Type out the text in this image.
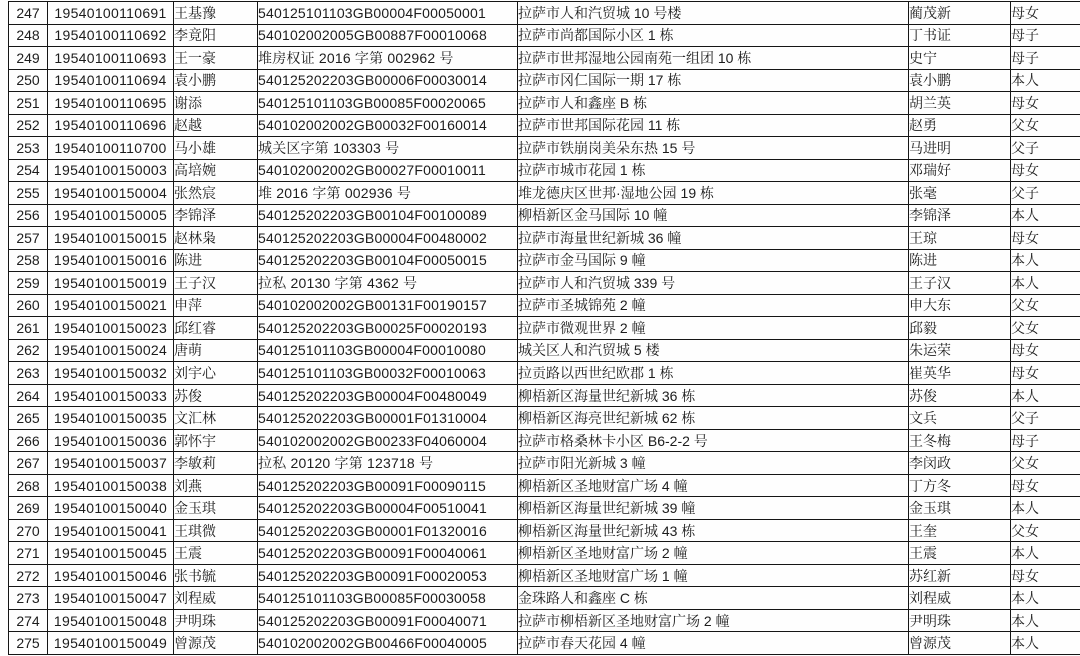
247	19540100110691	王基豫	540125101103GB00004F00050001	拉萨市人和汽贸城 10 号楼	蔺茂新	母女
248	19540100110692	李竟阳	540102002005GB00887F00010068	拉萨市尚都国际小区 1 栋	丁书证	母子
249	19540100110693	王一豪	堆房权证 2016 字第 002962 号	拉萨市世邦湿地公园南苑一组团 10 栋	史宁	母子
250	19540100110694	袁小鹏	540125202203GB00006F00030014	拉萨市冈仁国际一期 17 栋	袁小鹏	本人
251	19540100110695	谢添	540125101103GB00085F00020065	拉萨市人和鑫座 B 栋	胡兰英	母女
252	19540100110696	赵越	540102002002GB00032F00160014	拉萨市世邦国际花园 11 栋	赵勇	父女
253	19540100110700	马小雄	城关区字第 103303 号	拉萨市铁崩岗美朵东热 15 号	马进明	父子
254	19540100150003	高培婉	540102002002GB00027F00010011	拉萨市城市花园 1 栋	邓瑞好	母女
255	19540100150004	张然宸	堆 2016 字第 002936 号	堆龙德庆区世邦·湿地公园 19 栋	张毫	父子
256	19540100150005	李锦泽	540125202203GB00104F00100089	柳梧新区金马国际 10 幢	李锦泽	本人
257	19540100150015	赵林枭	540125202203GB00004F00480002	拉萨市海量世纪新城 36 幢	王琼	母女
258	19540100150016	陈进	540125202203GB00104F00050015	拉萨市金马国际 9 幢	陈进	本人
259	19540100150019	王子汉	拉私 20130 字第 4362 号	拉萨市人和汽贸城 339 号	王子汉	本人
260	19540100150021	申萍	540102002002GB00131F00190157	拉萨市圣城锦苑 2 幢	申大东	父女
261	19540100150023	邱红睿	540125202203GB00025F00020193	拉萨市微观世界 2 幢	邱毅	父女
262	19540100150024	唐萌	540125101103GB00004F00010080	城关区人和汽贸城 5 楼	朱运荣	母女
263	19540100150032	刘宇心	540125101103GB00032F00010063	拉贡路以西世纪欧郡 1 栋	崔英华	母女
264	19540100150033	苏俊	540125202203GB00004F00480049	柳梧新区海量世纪新城 36 栋	苏俊	本人
265	19540100150035	文汇林	540125202203GB00001F01310004	柳梧新区海亮世纪新城 62 栋	文兵	父子
266	19540100150036	郭怀宇	540102002002GB00233F04060004	拉萨市格桑林卡小区 B6-2-2 号	王冬梅	母子
267	19540100150037	李敏莉	拉私 20120 字第 123718 号	拉萨市阳光新城 3 幢	李闵政	父女
268	19540100150038	刘燕	540125202203GB00091F00090115	柳梧新区圣地财富广场 4 幢	丁方冬	母女
269	19540100150040	金玉琪	540125202203GB00004F00510041	柳梧新区海量世纪新城 39 幢	金玉琪	本人
270	19540100150041	王琪微	540125202203GB00001F01320016	柳梧新区海量世纪新城 43 栋	王奎	父女
271	19540100150045	王震	540125202203GB00091F00040061	柳梧新区圣地财富广场 2 幢	王震	本人
272	19540100150046	张书毓	540125202203GB00091F00020053	柳梧新区圣地财富广场 1 幢	苏红新	母女
273	19540100150047	刘程威	540125101103GB00085F00030058	金珠路人和鑫座 C 栋	刘程威	本人
274	19540100150048	尹明珠	540125202203GB00091F00040071	拉萨市柳梧新区圣地财富广场 2 幢	尹明珠	本人
275	19540100150049	曾源茂	540102002002GB00466F00040005	拉萨市春天花园 4 幢	曾源茂	本人
